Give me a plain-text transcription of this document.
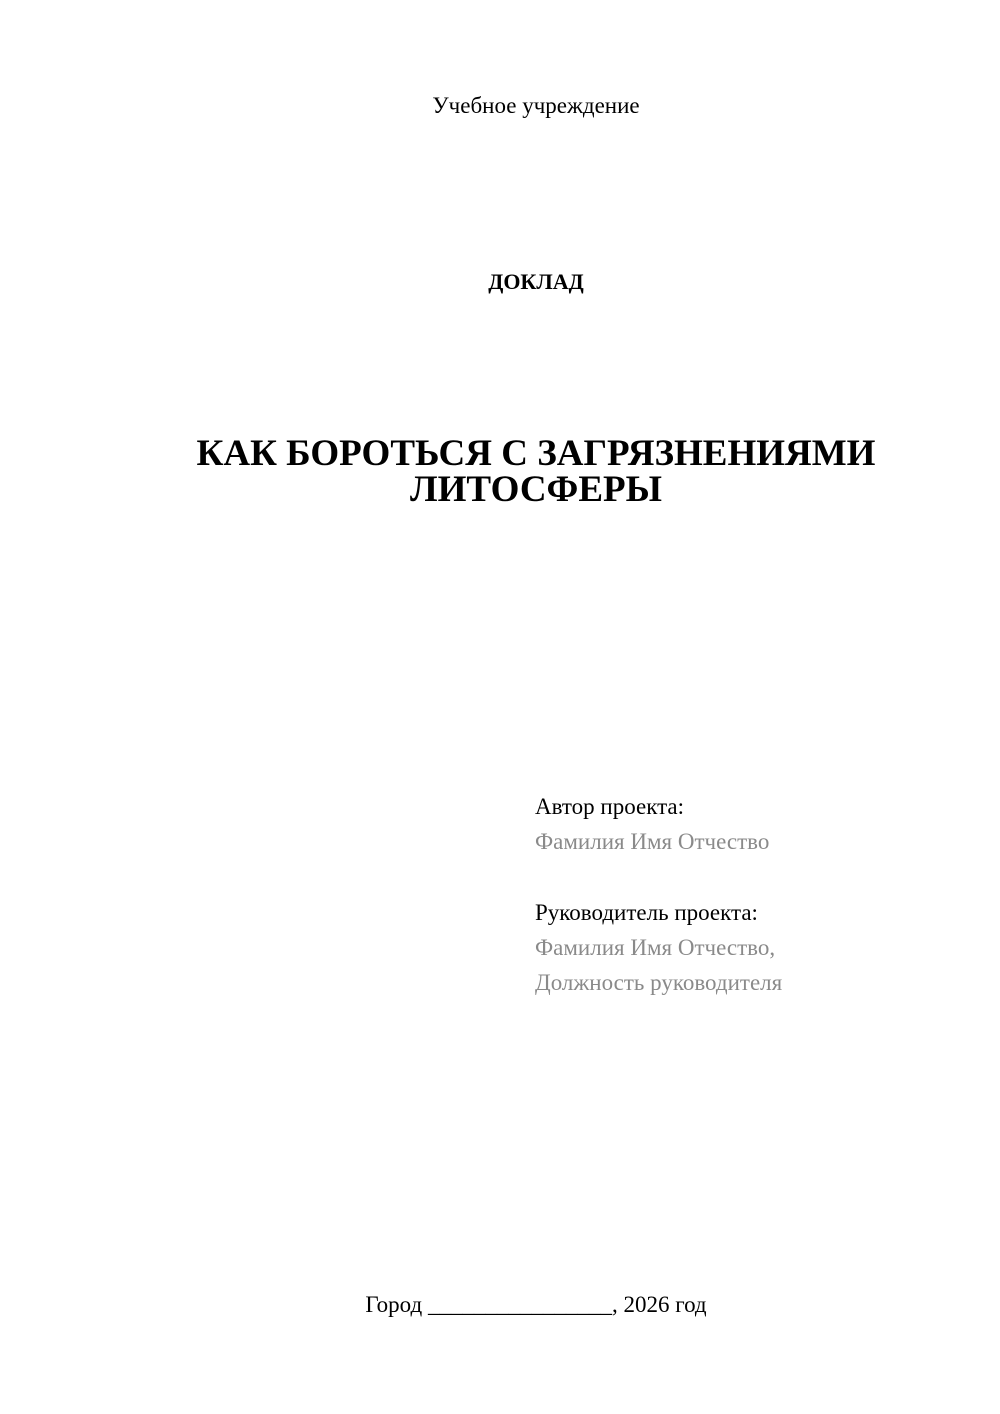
Учебное учреждение
ДОКЛАД
КАК БОРОТЬСЯ С ЗАГРЯЗНЕНИЯМИ
ЛИТОСФЕРЫ
Автор проекта:
Фамилия Имя Отчество
Руководитель проекта:
Фамилия Имя Отчество,
Должность руководителя
Город ________________, 2026 год
